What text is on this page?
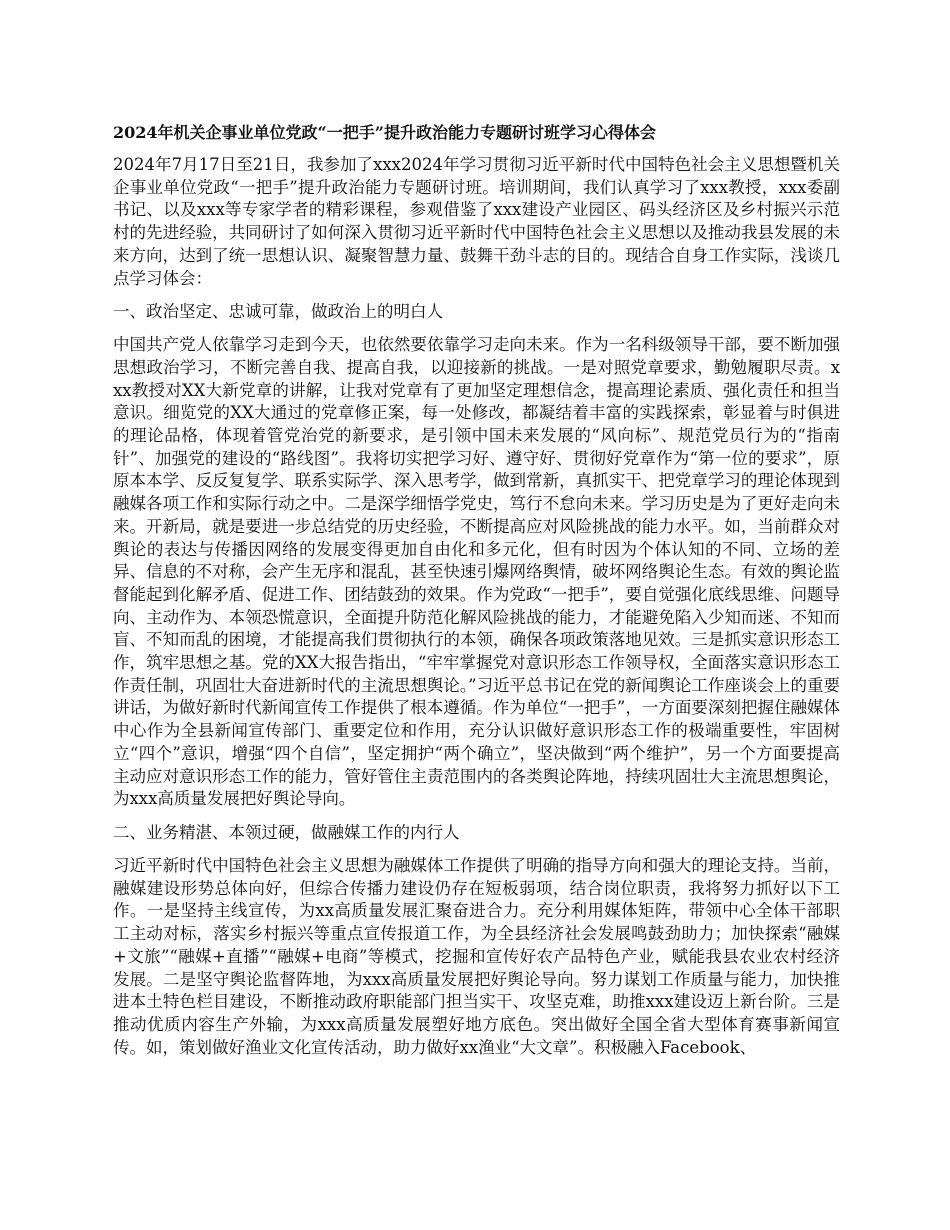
2024年机关企事业单位党政“一把手”提升政治能力专题研讨班学习心得体会

2024年7月17日至21日，我参加了xxx2024年学习贯彻习近平新时代中国特色社会主义思想暨机关企事业单位党政“一把手”提升政治能力专题研讨班。培训期间，我们认真学习了xxx教授，xxx委副书记、以及xxx等专家学者的精彩课程，参观借鉴了xxx建设产业园区、码头经济区及乡村振兴示范村的先进经验，共同研讨了如何深入贯彻习近平新时代中国特色社会主义思想以及推动我县发展的未来方向，达到了统一思想认识、凝聚智慧力量、鼓舞干劲斗志的目的。现结合自身工作实际，浅谈几点学习体会：

一、政治坚定、忠诚可靠，做政治上的明白人

中国共产党人依靠学习走到今天，也依然要依靠学习走向未来。作为一名科级领导干部，要不断加强思想政治学习，不断完善自我、提高自我，以迎接新的挑战。一是对照党章要求，勤勉履职尽责。xxx教授对XX大新党章的讲解，让我对党章有了更加坚定理想信念，提高理论素质、强化责任和担当意识。细览党的XX大通过的党章修正案，每一处修改，都凝结着丰富的实践探索，彰显着与时俱进的理论品格，体现着管党治党的新要求，是引领中国未来发展的“风向标”、规范党员行为的“指南针”、加强党的建设的“路线图”。我将切实把学习好、遵守好、贯彻好党章作为“第一位的要求”，原原本本学、反反复复学、联系实际学、深入思考学，做到常新，真抓实干、把党章学习的理论体现到融媒各项工作和实际行动之中。二是深学细悟学党史，笃行不怠向未来。学习历史是为了更好走向未来。开新局，就是要进一步总结党的历史经验，不断提高应对风险挑战的能力水平。如，当前群众对舆论的表达与传播因网络的发展变得更加自由化和多元化，但有时因为个体认知的不同、立场的差异、信息的不对称，会产生无序和混乱，甚至快速引爆网络舆情，破坏网络舆论生态。有效的舆论监督能起到化解矛盾、促进工作、团结鼓劲的效果。作为党政“一把手”，要自觉强化底线思维、问题导向、主动作为、本领恐慌意识，全面提升防范化解风险挑战的能力，才能避免陷入少知而迷、不知而盲、不知而乱的困境，才能提高我们贯彻执行的本领，确保各项政策落地见效。三是抓实意识形态工作，筑牢思想之基。党的XX大报告指出，“牢牢掌握党对意识形态工作领导权，全面落实意识形态工作责任制，巩固壮大奋进新时代的主流思想舆论。”习近平总书记在党的新闻舆论工作座谈会上的重要讲话，为做好新时代新闻宣传工作提供了根本遵循。作为单位“一把手”，一方面要深刻把握住融媒体中心作为全县新闻宣传部门、重要定位和作用，充分认识做好意识形态工作的极端重要性，牢固树立“四个”意识，增强“四个自信”，坚定拥护“两个确立”，坚决做到“两个维护”，另一个方面要提高主动应对意识形态工作的能力，管好管住主责范围内的各类舆论阵地，持续巩固壮大主流思想舆论，为xxx高质量发展把好舆论导向。

二、业务精湛、本领过硬，做融媒工作的内行人

习近平新时代中国特色社会主义思想为融媒体工作提供了明确的指导方向和强大的理论支持。当前，融媒建设形势总体向好，但综合传播力建设仍存在短板弱项，结合岗位职责，我将努力抓好以下工作。一是坚持主线宣传，为xx高质量发展汇聚奋进合力。充分利用媒体矩阵，带领中心全体干部职工主动对标，落实乡村振兴等重点宣传报道工作，为全县经济社会发展鸣鼓劲助力；加快探索“融媒+文旅”“融媒+直播”“融媒+电商”等模式，挖掘和宣传好农产品特色产业，赋能我县农业农村经济发展。二是坚守舆论监督阵地，为xxx高质量发展把好舆论导向。努力谋划工作质量与能力，加快推进本土特色栏目建设，不断推动政府职能部门担当实干、攻坚克难，助推xxx建设迈上新台阶。三是推动优质内容生产外输，为xxx高质量发展塑好地方底色。突出做好全国全省大型体育赛事新闻宣传。如，策划做好渔业文化宣传活动，助力做好xx渔业“大文章”。积极融入Facebook、
